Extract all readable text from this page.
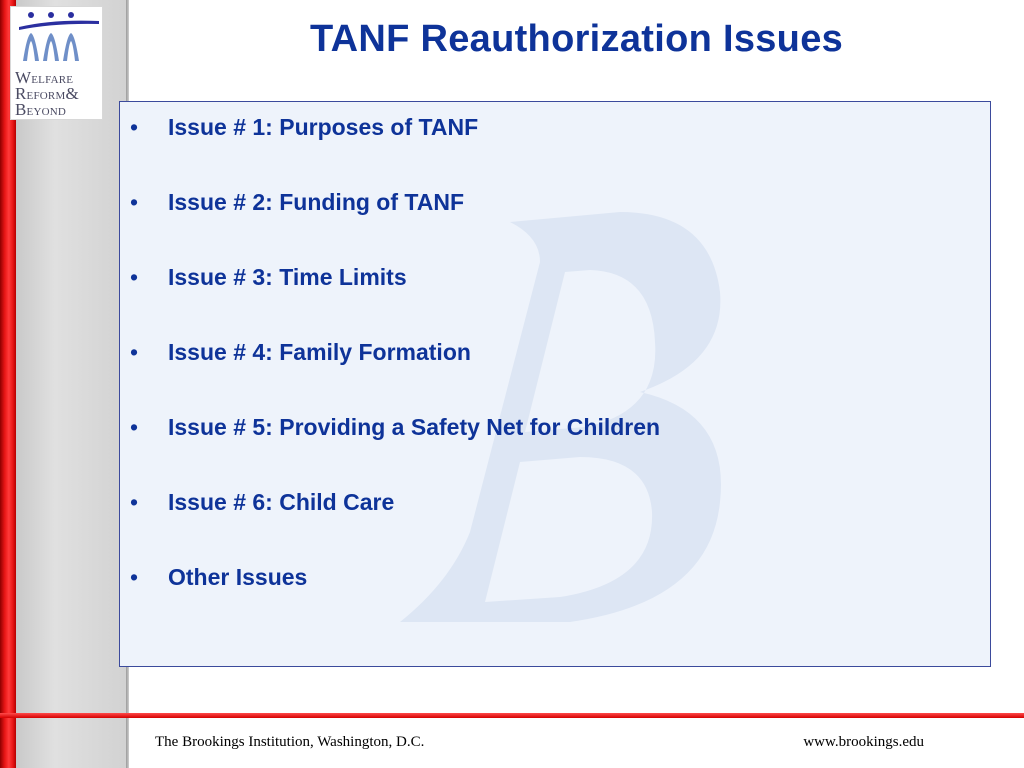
WELFARE
REFORM&
BEYOND
TANF Reauthorization Issues
• Issue # 1: Purposes of TANF
• Issue # 2: Funding of TANF
• Issue # 3: Time Limits
• Issue # 4: Family Formation
• Issue # 5: Providing a Safety Net for Children
• Issue # 6: Child Care
• Other Issues
The Brookings Institution, Washington, D.C.	www.brookings.edu
